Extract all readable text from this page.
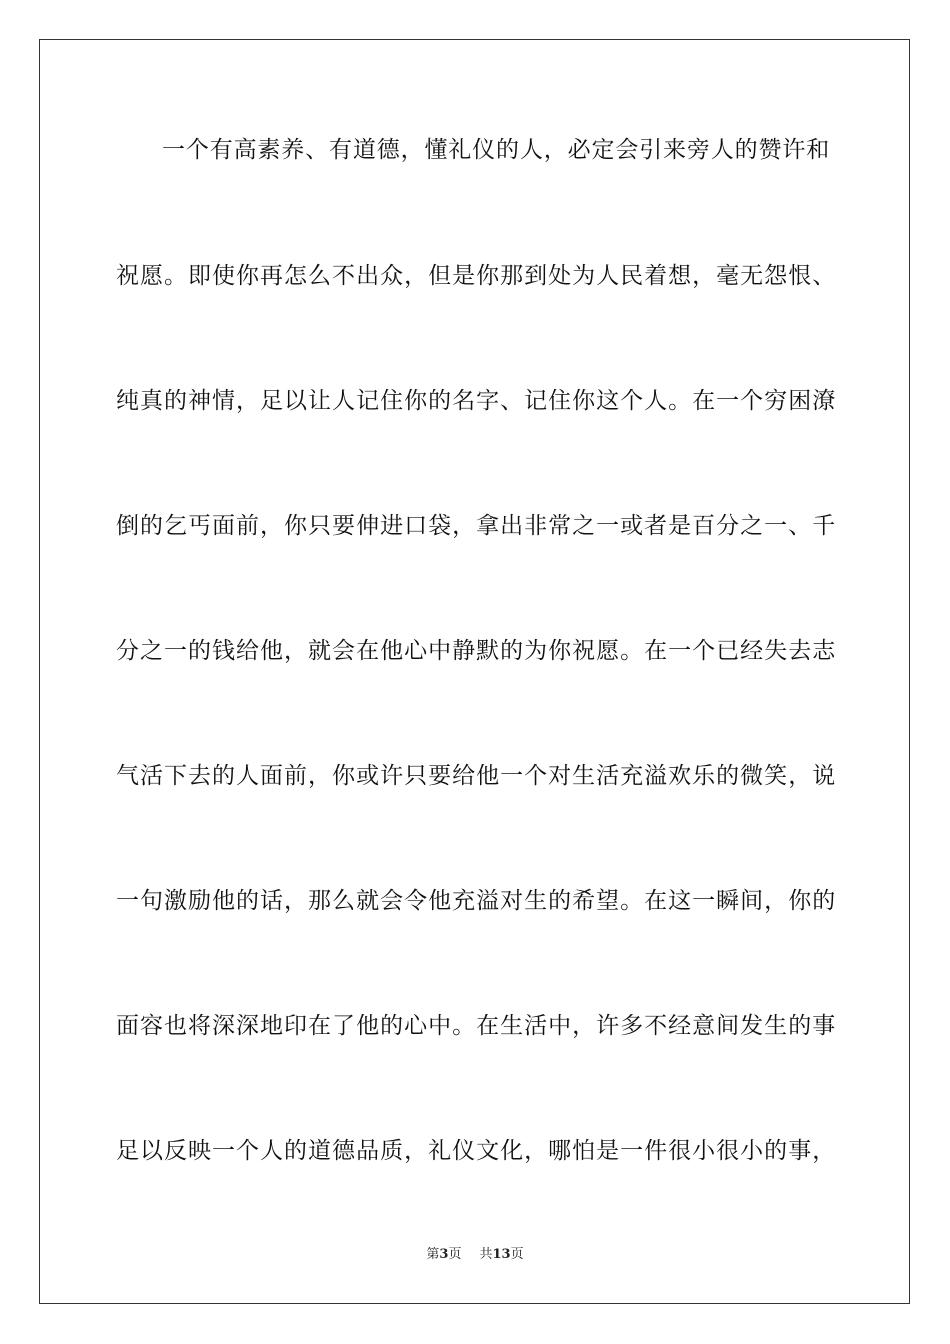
一个有高素养、有道德，懂礼仪的人，必定会引来旁人的赞许和
祝愿。即使你再怎么不出众，但是你那到处为人民着想，毫无怨恨、
纯真的神情，足以让人记住你的名字、记住你这个人。在一个穷困潦
倒的乞丐面前，你只要伸进口袋，拿出非常之一或者是百分之一、千
分之一的钱给他，就会在他心中静默的为你祝愿。在一个已经失去志
气活下去的人面前，你或许只要给他一个对生活充溢欢乐的微笑，说
一句激励他的话，那么就会令他充溢对生的希望。在这一瞬间，你的
面容也将深深地印在了他的心中。在生活中，许多不经意间发生的事
足以反映一个人的道德品质，礼仪文化，哪怕是一件很小很小的事，
第3页 共13页
